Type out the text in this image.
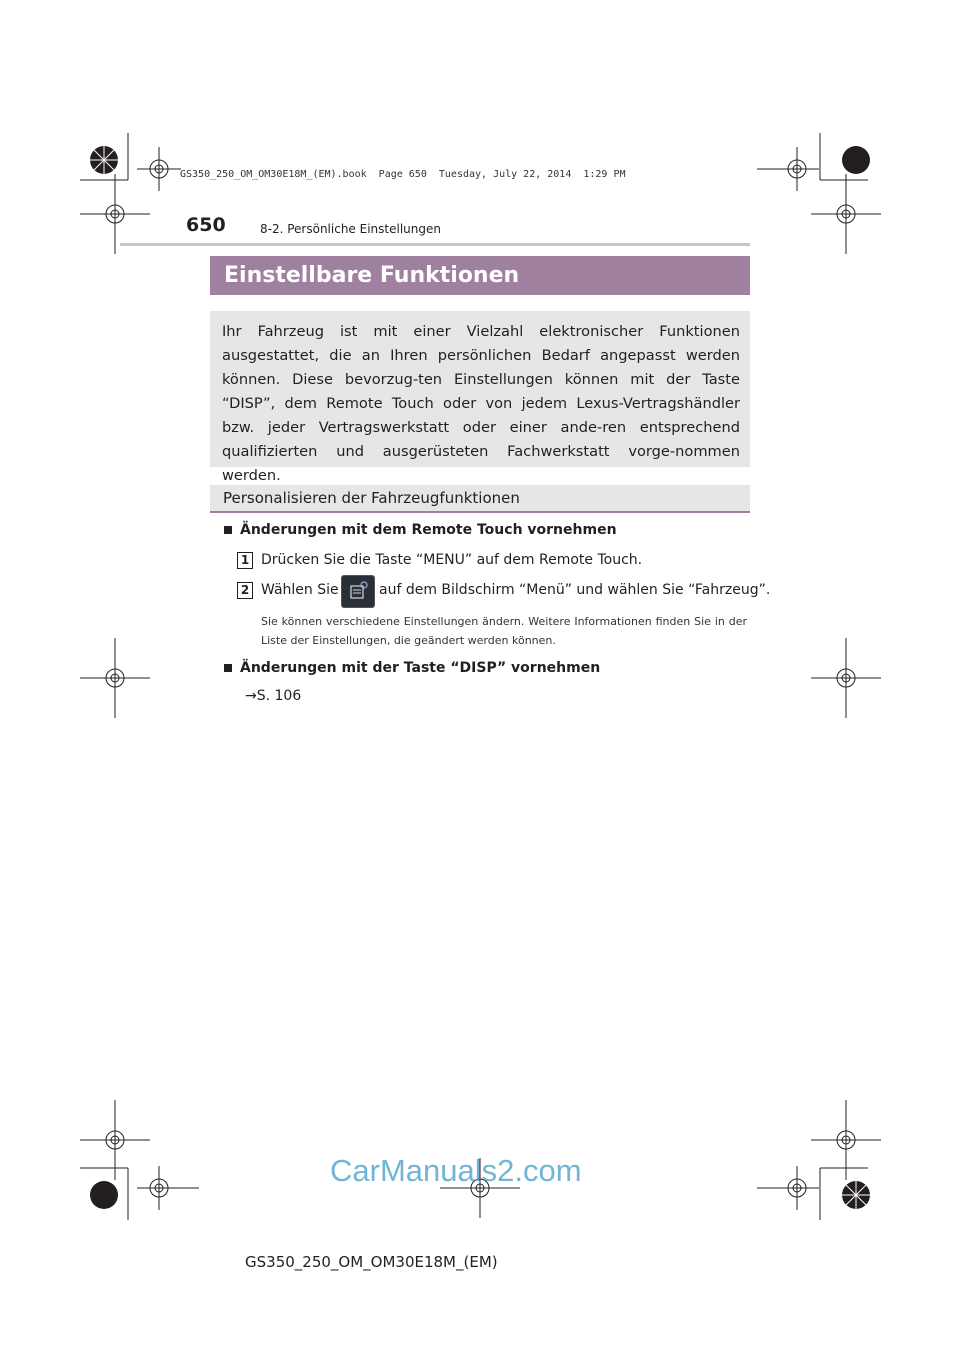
GS350_250_OM_OM30E18M_(EM).book  Page 650  Tuesday, July 22, 2014  1:29 PM
650	8-2. Persönliche Einstellungen
Einstellbare Funktionen

Ihr Fahrzeug ist mit einer Vielzahl elektronischer Funktionen ausgestattet, die an Ihren persönlichen Bedarf angepasst werden können. Diese bevorzug-ten Einstellungen können mit der Taste “DISP”, dem Remote Touch oder von jedem Lexus-Vertragshändler bzw. jeder Vertragswerkstatt oder einer ande-ren entsprechend qualifizierten und ausgerüsteten Fachwerkstatt vorge-nommen werden.

Personalisieren der Fahrzeugfunktionen
Änderungen mit dem Remote Touch vornehmen
1 Drücken Sie die Taste “MENU” auf dem Remote Touch.
2 Wählen Sie	auf dem Bildschirm “Menü” und wählen Sie “Fahrzeug”.
Sie können verschiedene Einstellungen ändern. Weitere Informationen finden Sie in der Liste der Einstellungen, die geändert werden können.
Änderungen mit der Taste “DISP” vornehmen
→S. 106
CarManuals2.com
GS350_250_OM_OM30E18M_(EM)
